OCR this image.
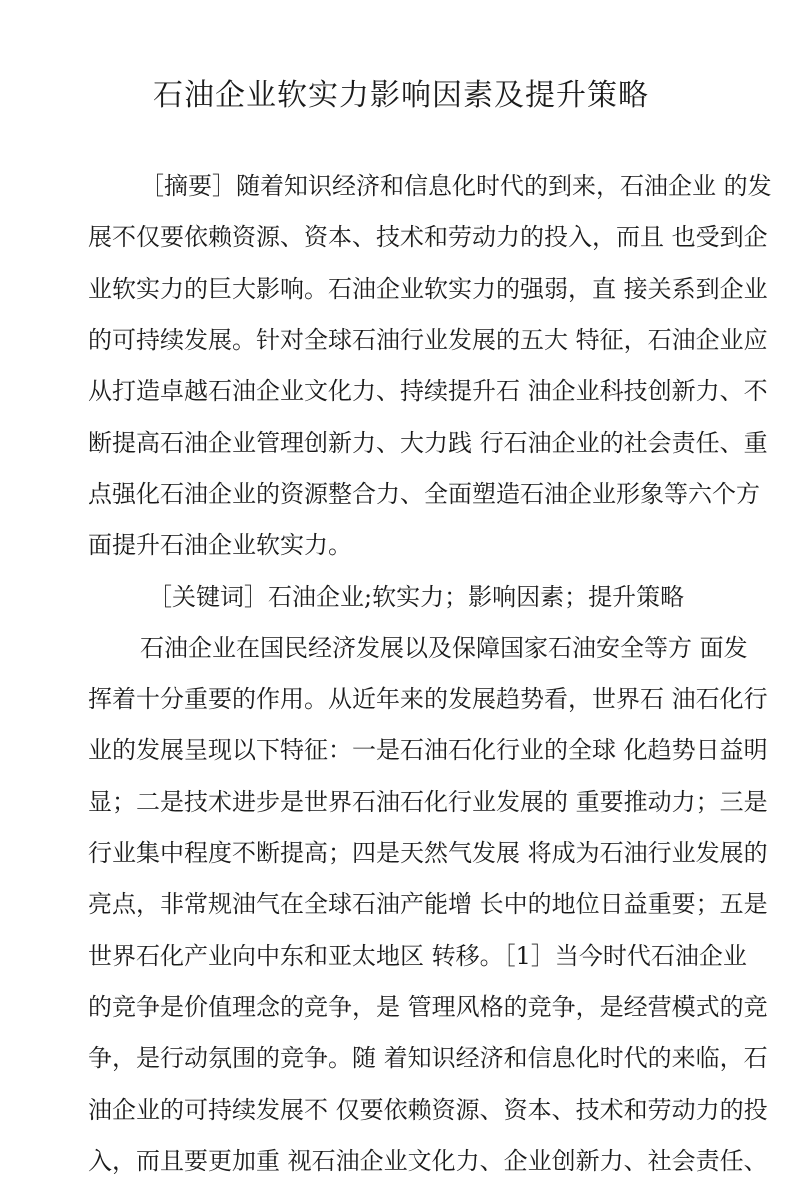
石油企业软实力影响因素及提升策略
［摘要］随着知识经济和信息化时代的到来，石油企业 的发
展不仅要依赖资源、资本、技术和劳动力的投入，而且 也受到企
业软实力的巨大影响。石油企业软实力的强弱，直 接关系到企业
的可持续发展。针对全球石油行业发展的五大 特征，石油企业应
从打造卓越石油企业文化力、持续提升石 油企业科技创新力、不
断提高石油企业管理创新力、大力践 行石油企业的社会责任、重
点强化石油企业的资源整合力、全面塑造石油企业形象等六个方
面提升石油企业软实力。
［关键词］石油企业;软实力；影响因素；提升策略
石油企业在国民经济发展以及保障国家石油安全等方 面发
挥着十分重要的作用。从近年来的发展趋势看，世界石 油石化行
业的发展呈现以下特征：一是石油石化行业的全球 化趋势日益明
显；二是技术进步是世界石油石化行业发展的 重要推动力；三是
行业集中程度不断提高；四是天然气发展 将成为石油行业发展的
亮点，非常规油气在全球石油产能增 长中的地位日益重要；五是
世界石化产业向中东和亚太地区 转移。［1］当今时代石油企业
的竞争是价值理念的竞争，是 管理风格的竞争，是经营模式的竞
争，是行动氛围的竞争。随 着知识经济和信息化时代的来临，石
油企业的可持续发展不 仅要依赖资源、资本、技术和劳动力的投
入，而且要更加重 视石油企业文化力、企业创新力、社会责任、
